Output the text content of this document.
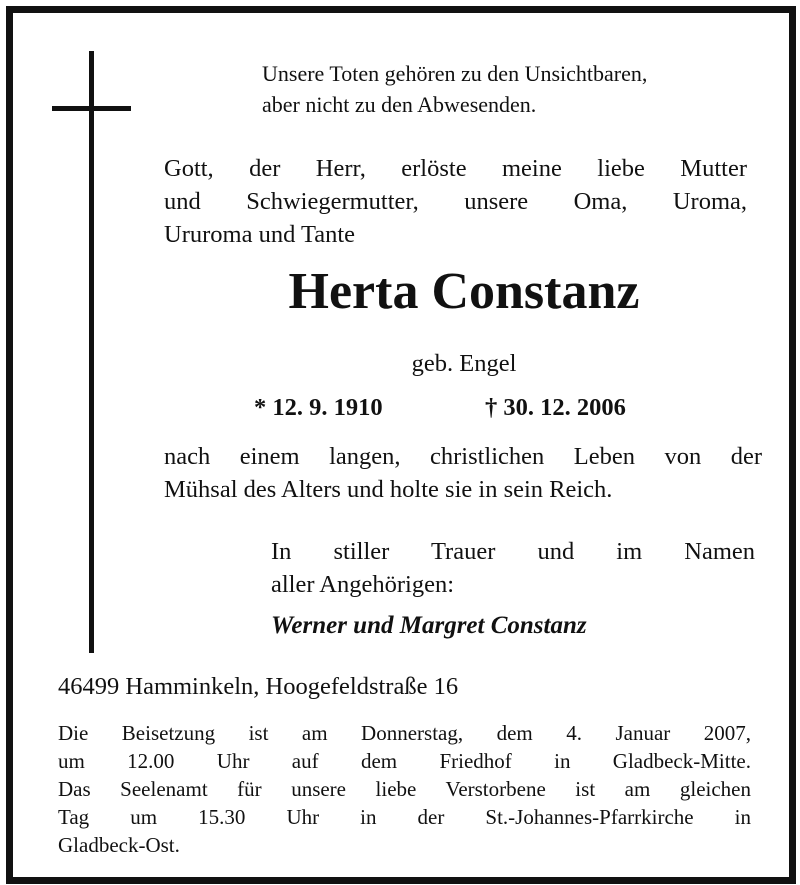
Unsere Toten gehören zu den Unsichtbaren,
aber nicht zu den Abwesenden.

Gott, der Herr, erlöste meine liebe Mutter
und Schwiegermutter, unsere Oma, Uroma,
Ururoma und Tante

Herta Constanz
geb. Engel
* 12. 9. 1910	† 30. 12. 2006

nach einem langen, christlichen Leben von der
Mühsal des Alters und holte sie in sein Reich.

In stiller Trauer und im Namen
aller Angehörigen:

Werner und Margret Constanz
46499 Hamminkeln, Hoogefeldstraße 16

Die Beisetzung ist am Donnerstag, dem 4. Januar 2007,
um 12.00 Uhr auf dem Friedhof in Gladbeck-Mitte.
Das Seelenamt für unsere liebe Verstorbene ist am gleichen
Tag um 15.30 Uhr in der St.-Johannes-Pfarrkirche in
Gladbeck-Ost.
